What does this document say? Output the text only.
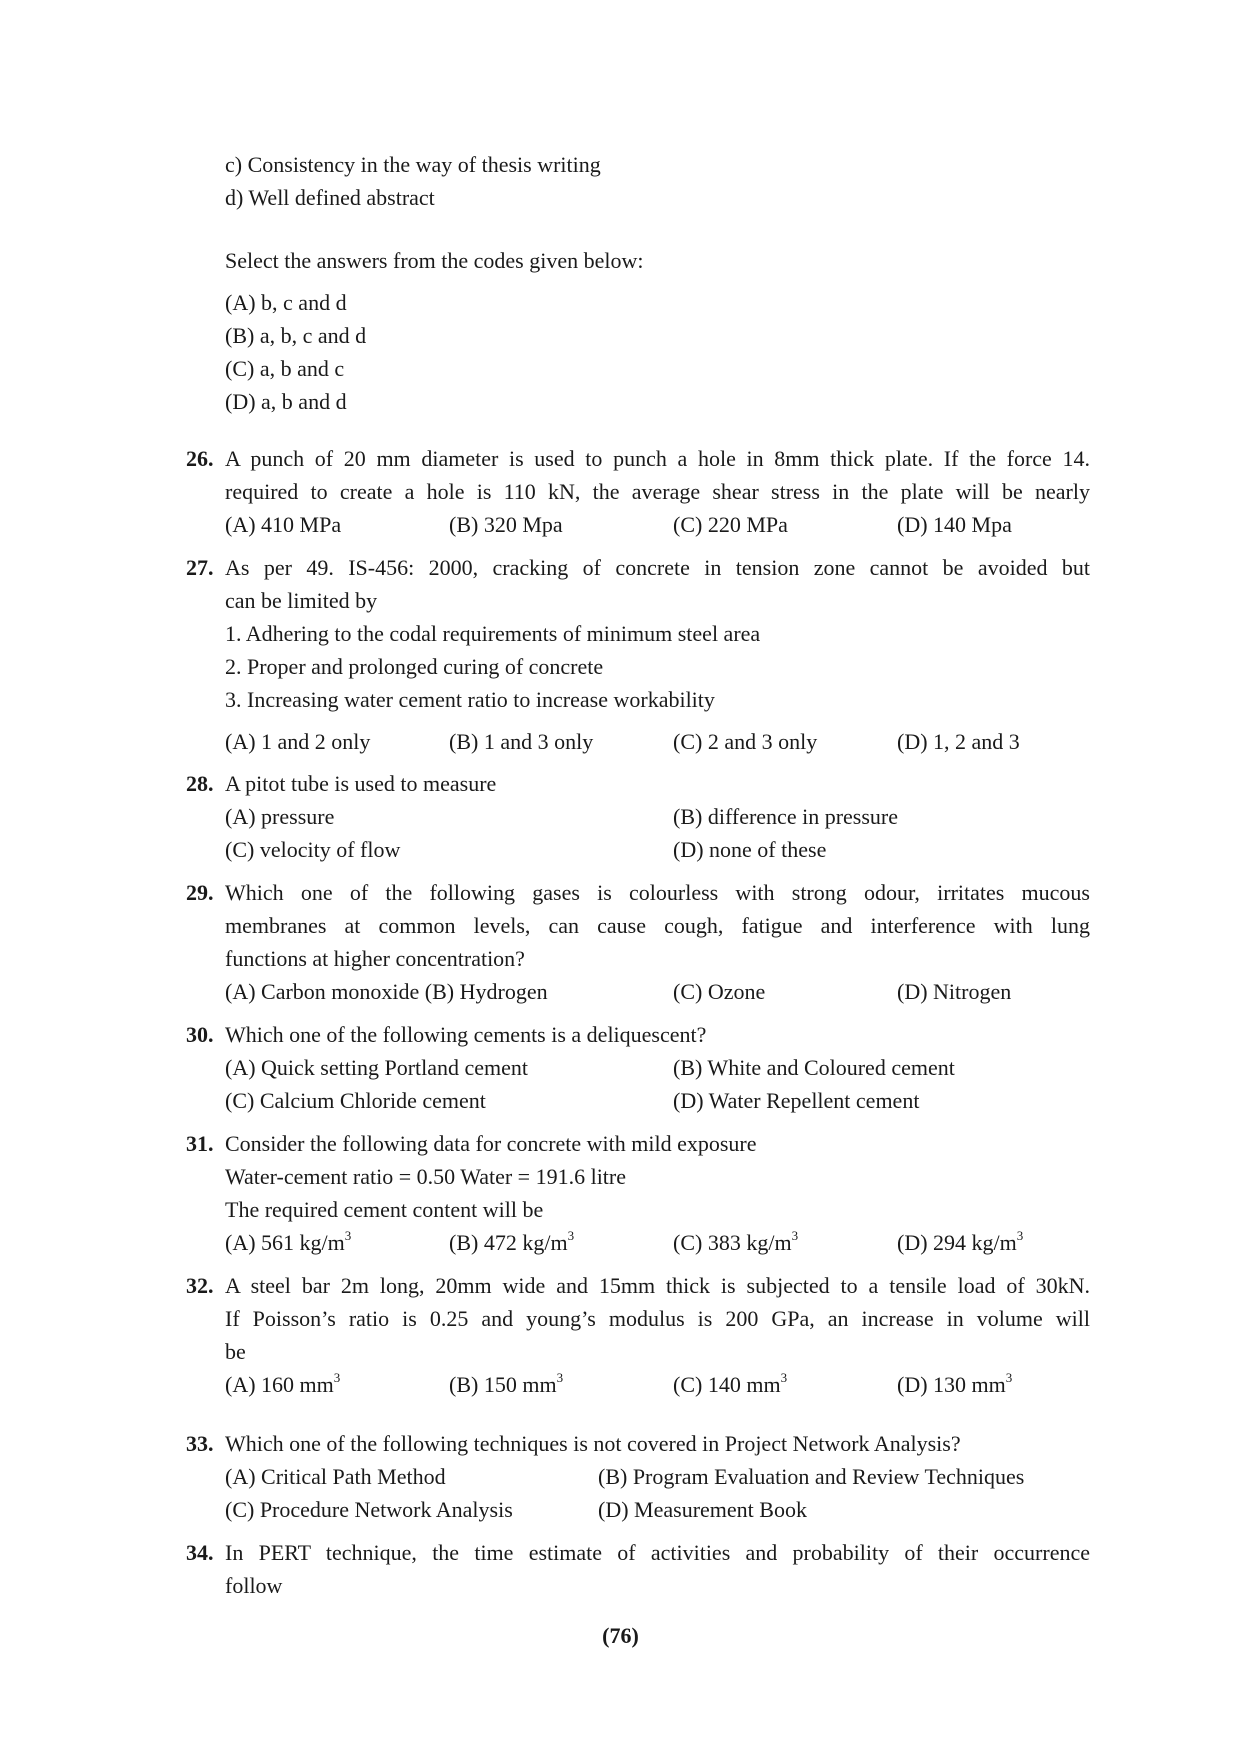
c) Consistency in the way of thesis writing
d) Well defined abstract
Select the answers from the codes given below:
(A) b, c and d
(B) a, b, c and d
(C) a, b and c
(D) a, b and d
26. A punch of 20 mm diameter is used to punch a hole in 8mm thick plate. If the force 14.
required to create a hole is 110 kN, the average shear stress in the plate will be nearly
(A) 410 MPa	(B) 320 Mpa	(C) 220 MPa	(D) 140 Mpa
27. As per 49. IS-456: 2000, cracking of concrete in tension zone cannot be avoided but
can be limited by
1. Adhering to the codal requirements of minimum steel area
2. Proper and prolonged curing of concrete
3. Increasing water cement ratio to increase workability
(A) 1 and 2 only	(B) 1 and 3 only	(C) 2 and 3 only	(D) 1, 2 and 3
28. A pitot tube is used to measure
(A) pressure	(B) difference in pressure
(C) velocity of flow	(D) none of these
29. Which one of the following gases is colourless with strong odour, irritates mucous
membranes at common levels, can cause cough, fatigue and interference with lung
functions at higher concentration?
(A) Carbon monoxide (B) Hydrogen	(C) Ozone	(D) Nitrogen
30. Which one of the following cements is a deliquescent?
(A) Quick setting Portland cement	(B) White and Coloured cement
(C) Calcium Chloride cement	(D) Water Repellent cement
31. Consider the following data for concrete with mild exposure
Water-cement ratio = 0.50 Water = 191.6 litre
The required cement content will be
(A) 561 $kg/m^3$	(B) 472 $kg/m^3$	(C) 383 $kg/m^3$	(D) 294 $kg/m^3$
32. A steel bar 2m long, 20mm wide and 15mm thick is subjected to a tensile load of 30kN.
If Poisson’s ratio is 0.25 and young’s modulus is 200 GPa, an increase in volume will
be
(A) 160 $mm^3$	(B) 150 $mm^3$	(C) 140 $mm^3$	(D) 130 $mm^3$
33. Which one of the following techniques is not covered in Project Network Analysis?
(A) Critical Path Method	(B) Program Evaluation and Review Techniques
(C) Procedure Network Analysis	(D) Measurement Book
34. In PERT technique, the time estimate of activities and probability of their occurrence
follow
(76)
